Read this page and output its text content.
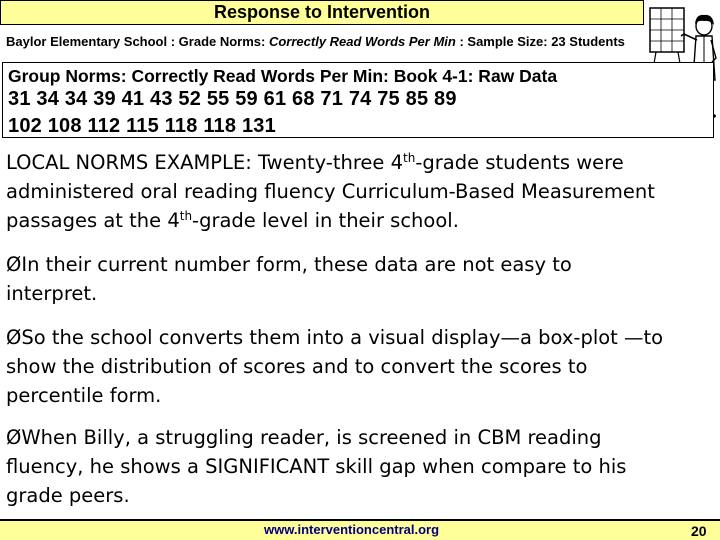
Response to Intervention
Baylor Elementary School : Grade Norms: Correctly Read Words Per Min : Sample Size: 23 Students
Group Norms: Correctly Read Words Per Min: Book 4-1: Raw Data
31 34 34 39 41 43 52 55 59 61 68 71 74 75 85 89
102 108 112 115 118 118 131
LOCAL NORMS EXAMPLE: Twenty-three 4th-grade students were administered oral reading fluency Curriculum-Based Measurement passages at the 4th-grade level in their school.
ØIn their current number form, these data are not easy to interpret.
ØSo the school converts them into a visual display—a box-plot —to show the distribution of scores and to convert the scores to percentile form.
ØWhen Billy, a struggling reader, is screened in CBM reading fluency, he shows a SIGNIFICANT skill gap when compare to his grade peers.
www.interventioncentral.org	20
